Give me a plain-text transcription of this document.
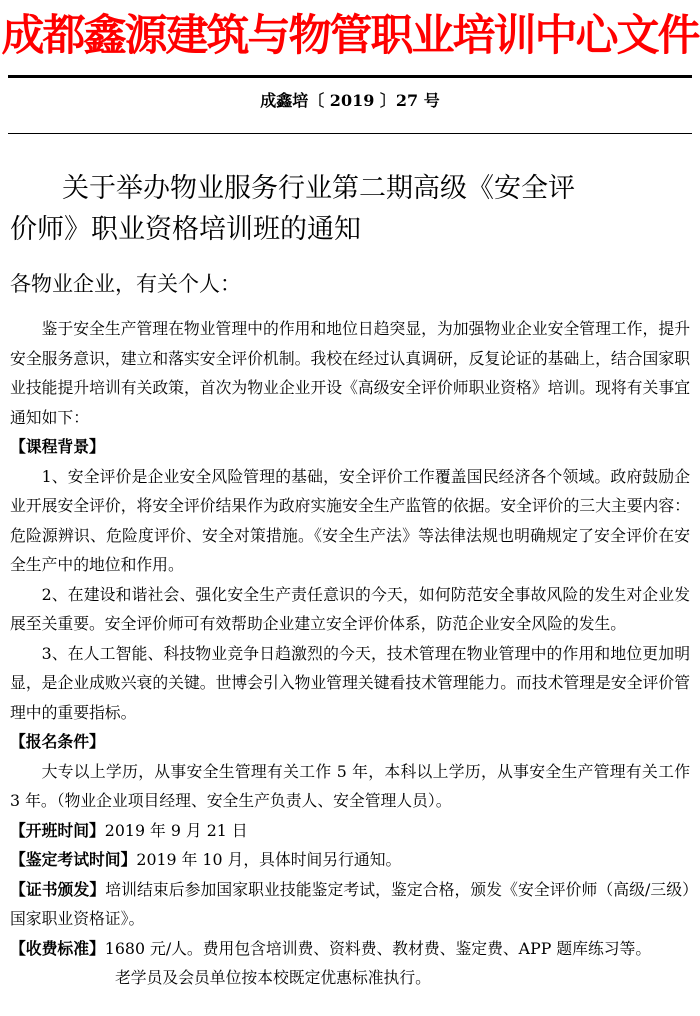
成都鑫源建筑与物管职业培训中心文件
成鑫培〔 2019 〕27 号
关于举办物业服务行业第二期高级《安全评
价师》职业资格培训班的通知
各物业企业，有关个人：

鉴于安全生产管理在物业管理中的作用和地位日趋突显，为加强物业企业安全管理工作，提升安全服务意识，建立和落实安全评价机制。我校在经过认真调研，反复论证的基础上，结合国家职业技能提升培训有关政策，首次为物业企业开设《高级安全评价师职业资格》培训。现将有关事宜通知如下：

【课程背景】

1、安全评价是企业安全风险管理的基础，安全评价工作覆盖国民经济各个领域。政府鼓励企业开展安全评价，将安全评价结果作为政府实施安全生产监管的依据。安全评价的三大主要内容：危险源辨识、危险度评价、安全对策措施。《安全生产法》等法律法规也明确规定了安全评价在安全生产中的地位和作用。

2、在建设和谐社会、强化安全生产责任意识的今天，如何防范安全事故风险的发生对企业发展至关重要。安全评价师可有效帮助企业建立安全评价体系，防范企业安全风险的发生。

3、在人工智能、科技物业竞争日趋激烈的今天，技术管理在物业管理中的作用和地位更加明显，是企业成败兴衰的关键。世博会引入物业管理关键看技术管理能力。而技术管理是安全评价管理中的重要指标。

【报名条件】

大专以上学历，从事安全生管理有关工作 5 年，本科以上学历，从事安全生产管理有关工作 3 年。（物业企业项目经理、安全生产负责人、安全管理人员）。

【开班时间】2019 年 9 月 21 日

【鉴定考试时间】2019 年 10 月，具体时间另行通知。

【证书颁发】培训结束后参加国家职业技能鉴定考试，鉴定合格，颁发《安全评价师（高级/三级）国家职业资格证》。

【收费标准】1680 元/人。费用包含培训费、资料费、教材费、鉴定费、APP 题库练习等。

老学员及会员单位按本校既定优惠标准执行。
